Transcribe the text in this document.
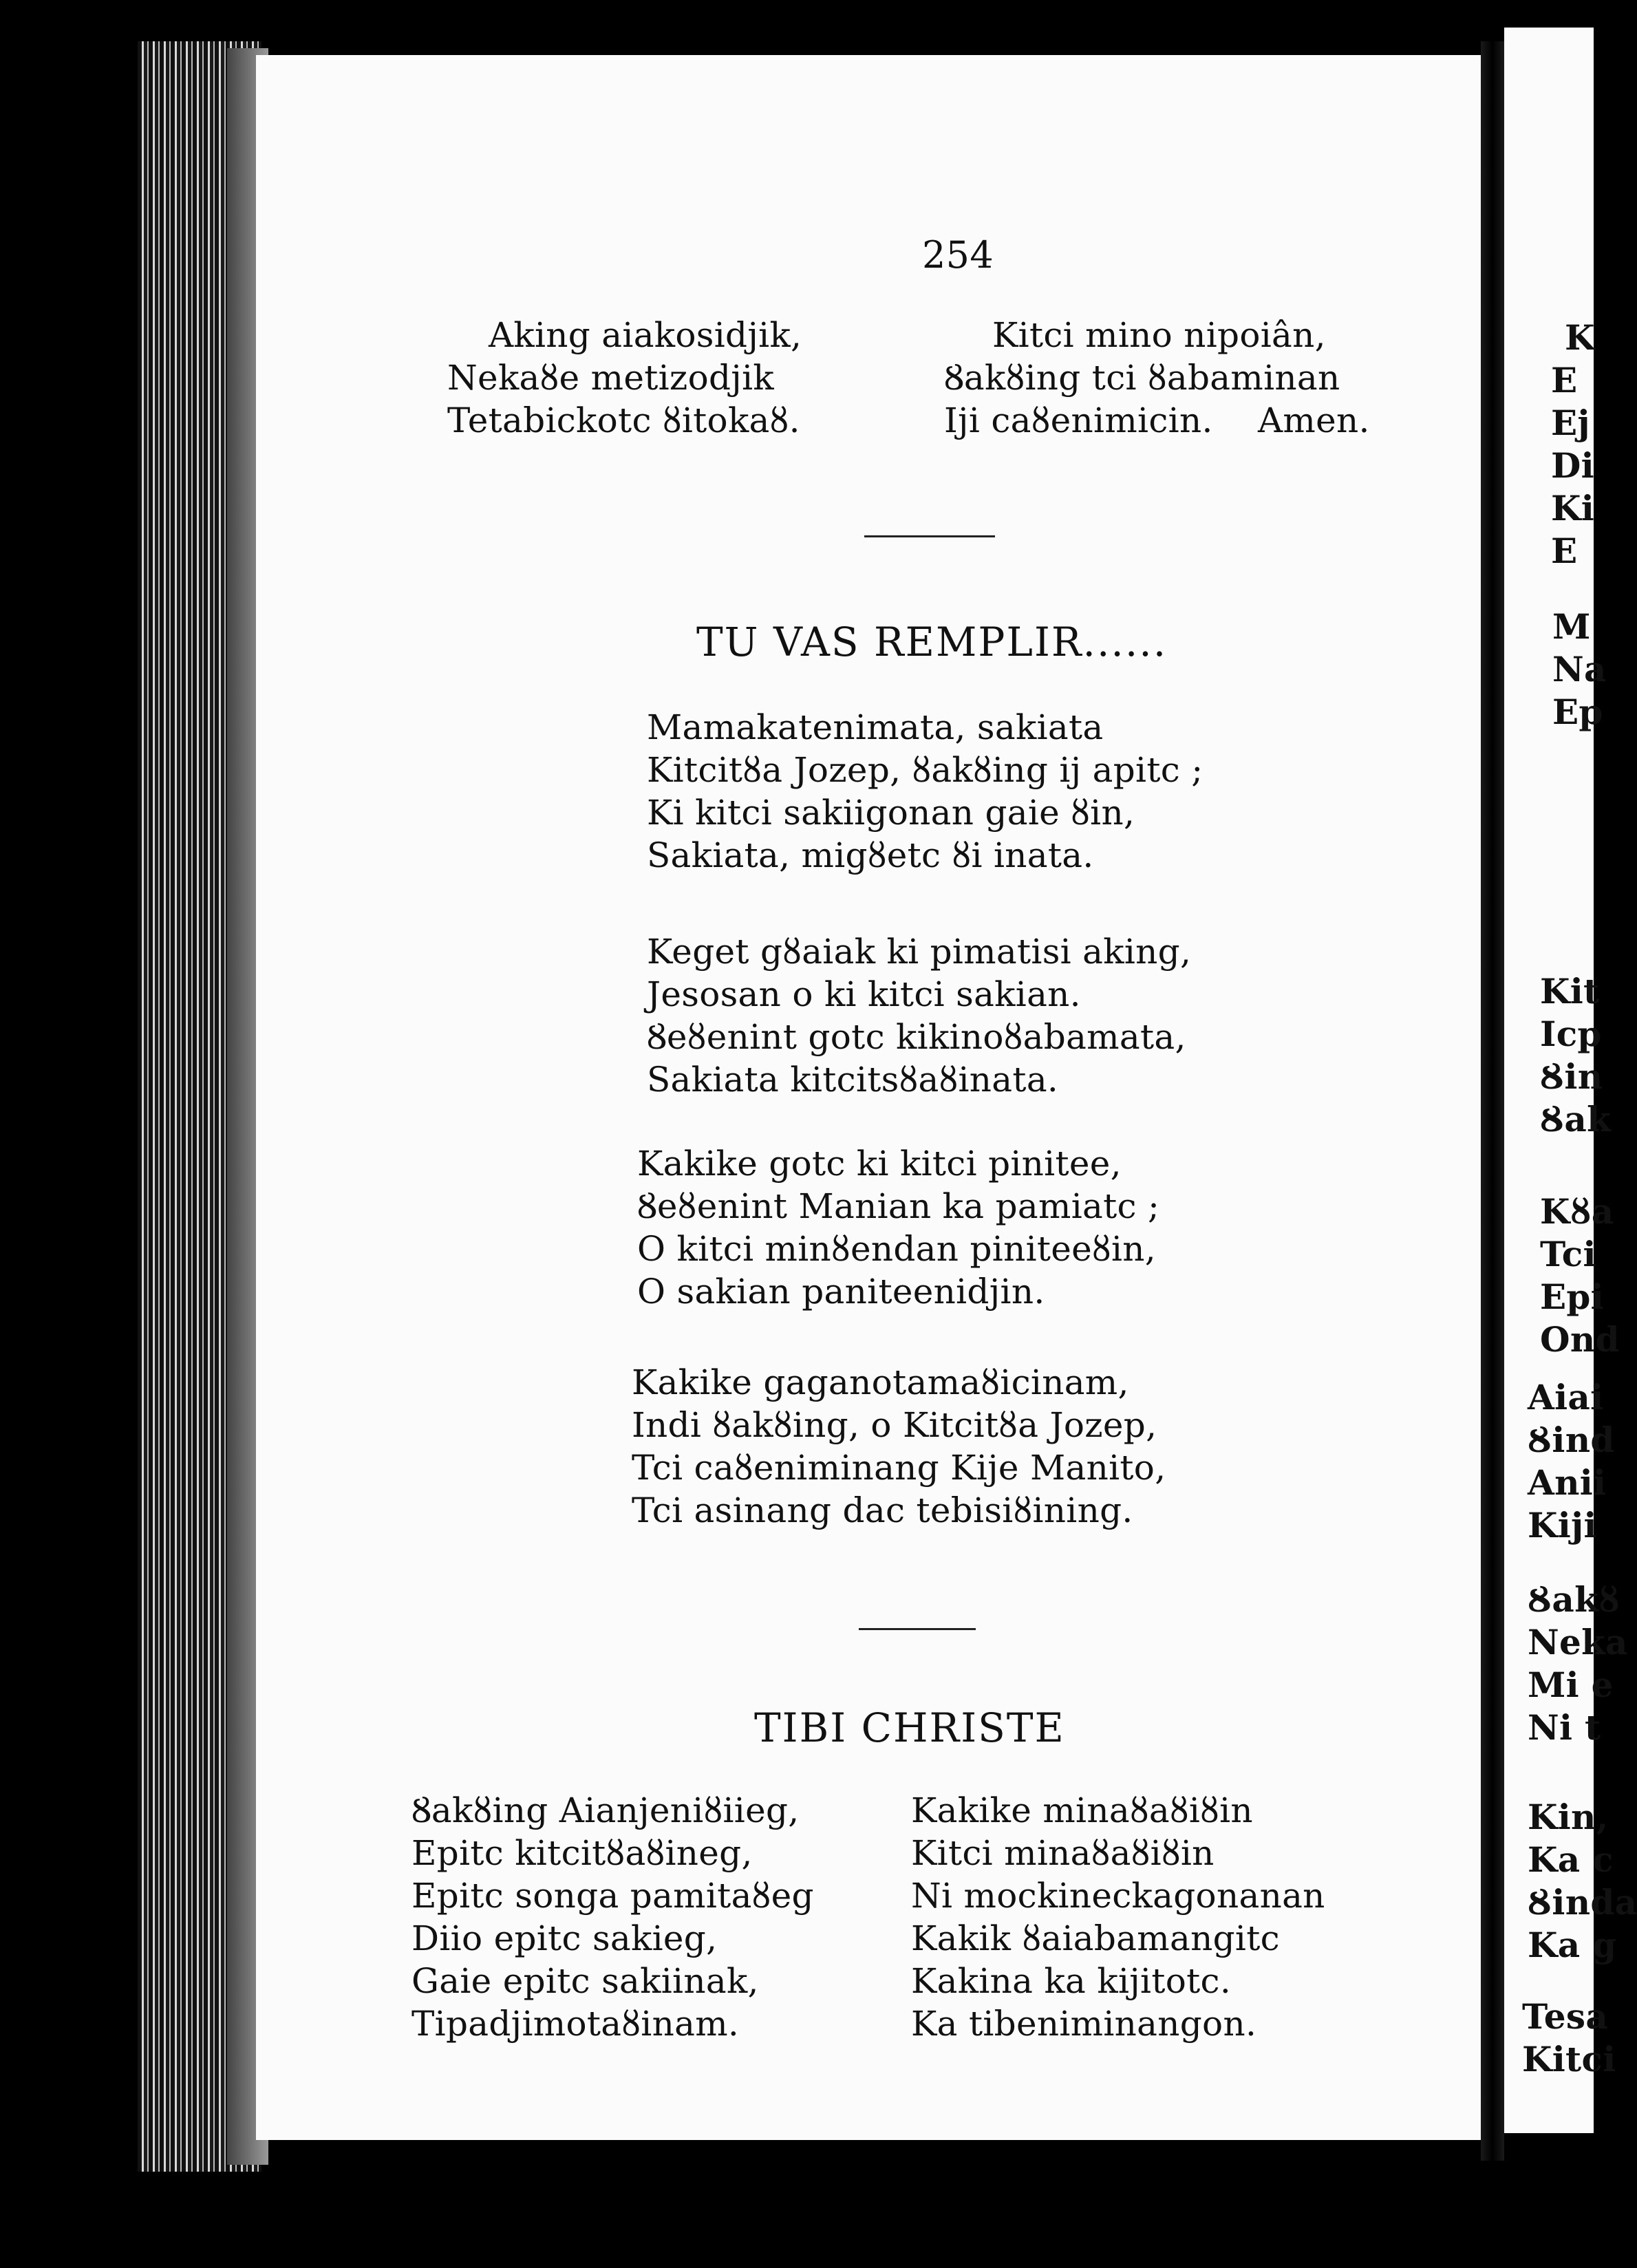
254
Aking aiakosidjik,
Nekaȣe metizodjik
Tetabickotc ȣitokaȣ.
Kitci mino nipoiân,
Ȣakȣing tci ȣabaminan
Iji caȣenimicin.	Amen.
TU VAS REMPLIR......
Mamakatenimata, sakiata
Kitcitȣa Jozep, ȣakȣing ij apitc ;
Ki kitci sakiigonan gaie ȣin,
Sakiata, migȣetc ȣi inata.
Keget gȣaiak ki pimatisi aking,
Jesosan o ki kitci sakian.
Ȣeȣenint gotc kikinoȣabamata,
Sakiata kitcitsȣaȣinata.
Kakike gotc ki kitci pinitee,
Ȣeȣenint Manian ka pamiatc ;
O kitci minȣendan piniteeȣin,
O sakian paniteenidjin.
Kakike gaganotamaȣicinam,
Indi ȣakȣing, o Kitcitȣa Jozep,
Tci caȣeniminang Kije Manito,
Tci asinang dac tebisiȣining.
TIBI CHRISTE
Ȣakȣing Aianjeniȣiieg,
Epitc kitcitȣaȣineg,
Epitc songa pamitaȣeg
Diio epitc sakieg,
Gaie epitc sakiinak,
Tipadjimotaȣinam.
Kakike minaȣaȣiȣin
Kitci minaȣaȣiȣin
Ni mockineckagonanan
Kakik ȣaiabamangitc
Kakina ka kijitotc.
Ka tibeniminangon.
K
E
Ej
Di
Ki
E
M
Na
Ep
Kit
Icp
Ȣin
Ȣak
Kȣa
Tci
Epi
Ond
Aiai
Ȣind
Anii
Kiji
Ȣakȣ
Neka
Mi e
Ni t
Kin,
Ka c
Ȣinda
Ka g
Tesa
Kitci
